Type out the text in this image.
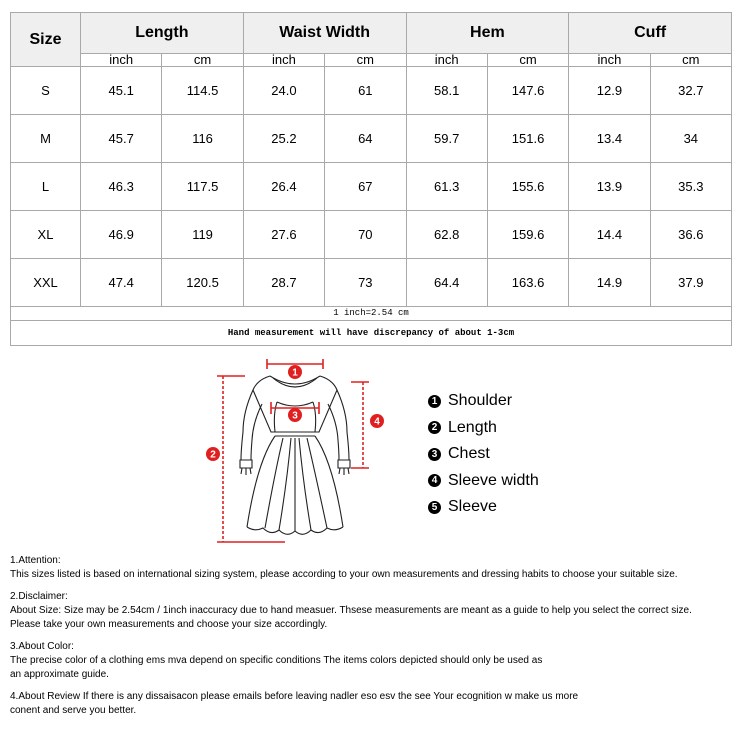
Size	Length		Waist Width		Hem		Cuff	
	inch	cm	inch	cm	inch	cm	inch	cm
S	45.1	114.5	24.0	61	58.1	147.6	12.9	32.7
M	45.7	116	25.2	64	59.7	151.6	13.4	34
L	46.3	117.5	26.4	67	61.3	155.6	13.9	35.3
XL	46.9	119	27.6	70	62.8	159.6	14.4	36.6
XXL	47.4	120.5	28.7	73	64.4	163.6	14.9	37.9
1 inch=2.54 cm								
Hand measurement will have discrepancy of about 1-3cm								
1
2
3
4
1 Shoulder
2 Length
3 Chest
4 Sleeve width
5 Sleeve

1.Attention:

This sizes listed is based on international sizing system, please according to your own measurements and dressing habits to choose your suitable size.

2.Disclaimer:

About Size: Size may be 2.54cm / 1inch inaccuracy due to hand measuer. Thsese measurements are meant as a guide to help you select the correct size.

Please take your own measurements and choose your size accordingly.

3.About Color:

The precise color of a clothing ems mva depend on specific conditions The items colors depicted should only be used as

an approximate guide.

4.About Review If there is any dissaisacon please emails before leaving nadler eso esv the see Your ecognition w make us more

conent and serve you better.
